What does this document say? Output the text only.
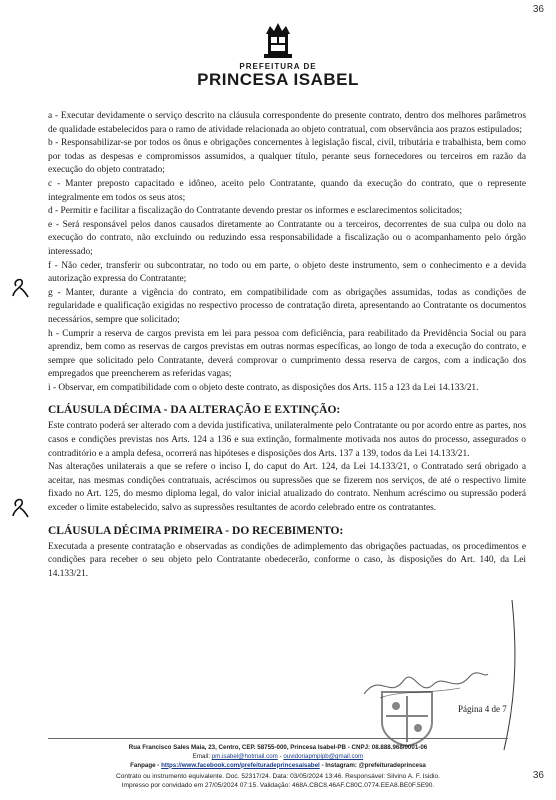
36
PREFEITURA DE
PRINCESA ISABEL

a - Executar devidamente o serviço descrito na cláusula correspondente do presente contrato, dentro dos melhores parâmetros de qualidade estabelecidos para o ramo de atividade relacionada ao objeto contratual, com observância aos prazos estipulados;

b - Responsabilizar-se por todos os ônus e obrigações concernentes à legislação fiscal, civil, tributária e trabalhista, bem como por todas as despesas e compromissos assumidos, a qualquer título, perante seus fornecedores ou terceiros em razão da execução do objeto contratado;

c - Manter preposto capacitado e idôneo, aceito pelo Contratante, quando da execução do contrato, que o represente integralmente em todos os seus atos;

d - Permitir e facilitar a fiscalização do Contratante devendo prestar os informes e esclarecimentos solicitados;

e - Será responsável pelos danos causados diretamente ao Contratante ou a terceiros, decorrentes de sua culpa ou dolo na execução do contrato, não excluindo ou reduzindo essa responsabilidade a fiscalização ou o acompanhamento pelo órgão interessado;

f - Não ceder, transferir ou subcontratar, no todo ou em parte, o objeto deste instrumento, sem o conhecimento e a devida autorização expressa do Contratante;

g - Manter, durante a vigência do contrato, em compatibilidade com as obrigações assumidas, todas as condições de regularidade e qualificação exigidas no respectivo processo de contratação direta, apresentando ao Contratante os documentos necessários, sempre que solicitado;

h - Cumprir a reserva de cargos prevista em lei para pessoa com deficiência, para reabilitado da Previdência Social ou para aprendiz, bem como as reservas de cargos previstas em outras normas específicas, ao longo de toda a execução do contrato, e sempre que solicitado pelo Contratante, deverá comprovar o cumprimento dessa reserva de cargos, com a indicação dos empregados que preencherem as referidas vagas;

i - Observar, em compatibilidade com o objeto deste contrato, as disposições dos Arts. 115 a 123 da Lei 14.133/21.

CLÁUSULA DÉCIMA - DA ALTERAÇÃO E EXTINÇÃO:

Este contrato poderá ser alterado com a devida justificativa, unilateralmente pelo Contratante ou por acordo entre as partes, nos casos e condições previstas nos Arts. 124 a 136 e sua extinção, formalmente motivada nos autos do processo, assegurados o contraditório e a ampla defesa, ocorrerá nas hipóteses e disposições dos Arts. 137 a 139, todos da Lei 14.133/21.

Nas alterações unilaterais a que se refere o inciso I, do caput do Art. 124, da Lei 14.133/21, o Contratado será obrigado a aceitar, nas mesmas condições contratuais, acréscimos ou supressões que se fizerem nos serviços, de até o respectivo limite fixado no Art. 125, do mesmo diploma legal, do valor inicial atualizado do contrato. Nenhum acréscimo ou supressão poderá exceder o limite estabelecido, salvo as supressões resultantes de acordo celebrado entre os contratantes.

CLÁUSULA DÉCIMA PRIMEIRA - DO RECEBIMENTO:

Executada a presente contratação e observadas as condições de adimplemento das obrigações pactuadas, os procedimentos e condições para receber o seu objeto pelo Contratante obedecerão, conforme o caso, às disposições do Art. 140, da Lei 14.133/21.

Página 4 de 7
Rua Francisco Sales Maia, 23, Centro, CEP. 58755-000, Princesa Isabel-PB - CNPJ: 08.888.968/0001-06
Email: pm.isabel@hotmail.com - ouvidoriapmpipb@gmail.com
Fanpage - https://www.facebook.com/prefeituradeprincesaisabel - Instagram: @prefeituradeprincesa
Contrato ou instrumento equivalente. Doc. 52317/24. Data: 03/05/2024 13:46. Responsável: Silvino A. F. Isidio.
Impresso por convidado em 27/05/2024 07:15. Validação: 468A.CBC8.46AF.C80C.0774.EEA8.BE0F.5E90.
36
